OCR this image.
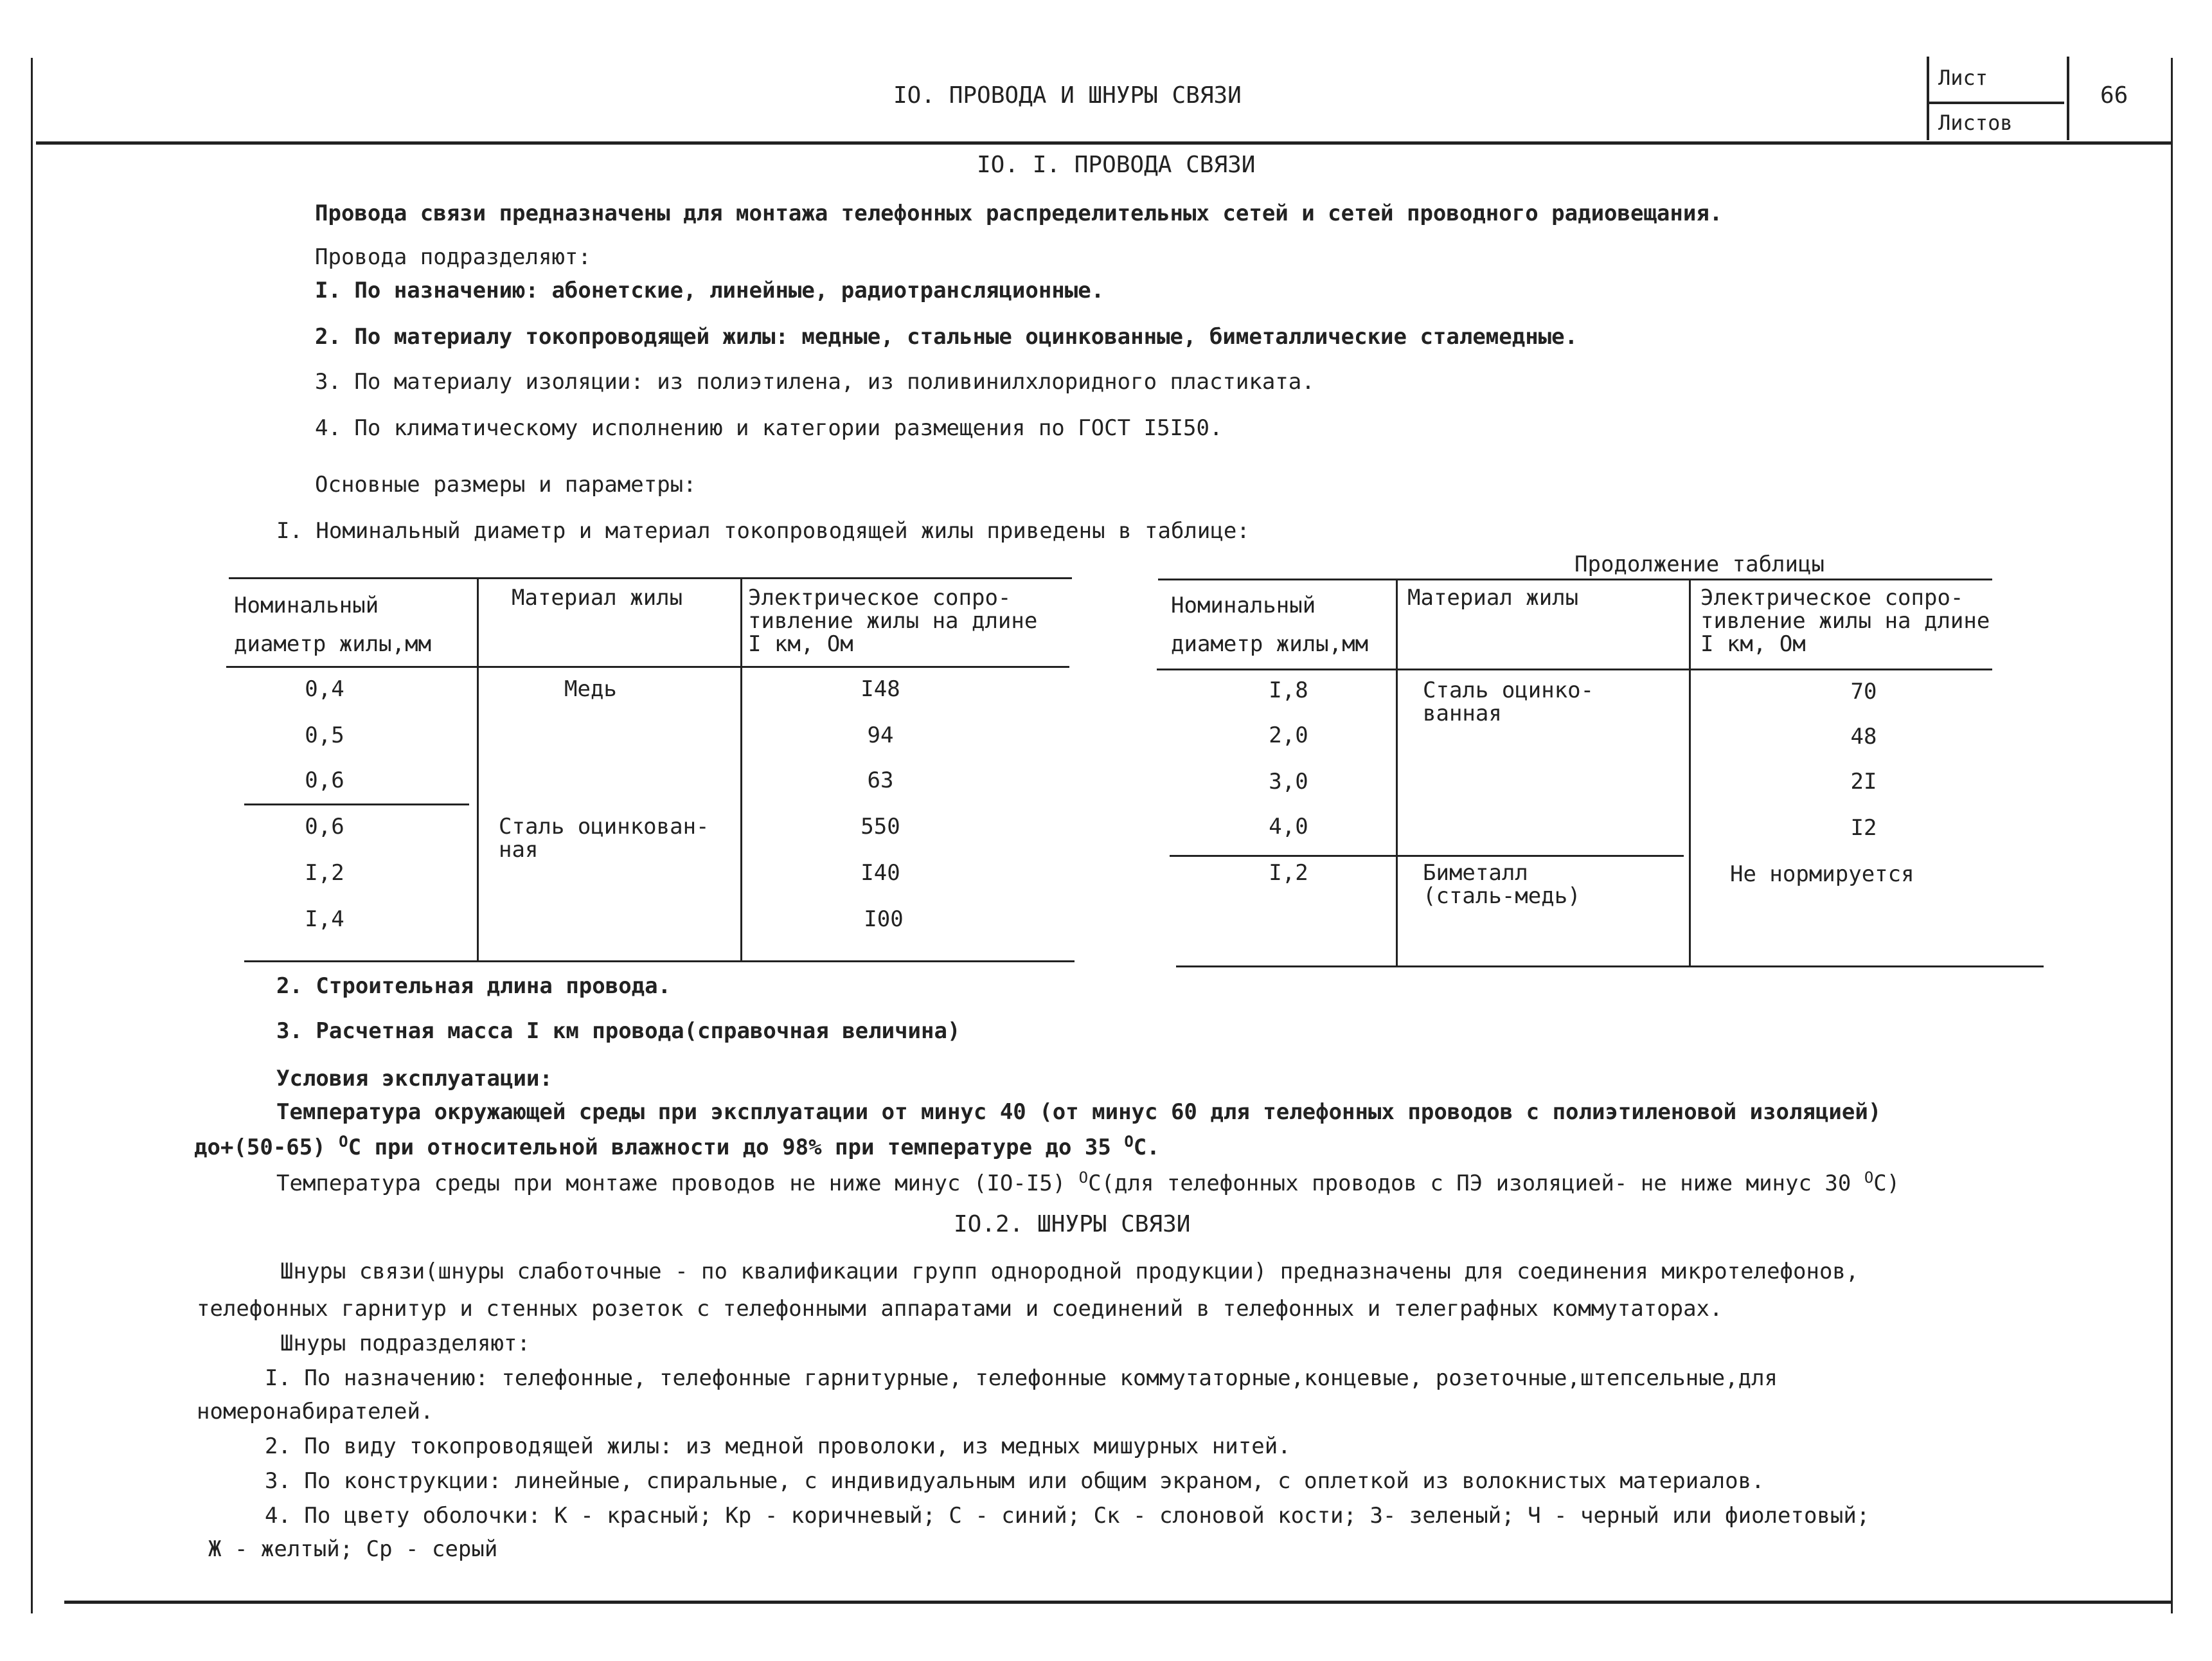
IO. ПРОВОДА И ШНУРЫ СВЯЗИ
Лист
Листов
66
IO. I. ПРОВОДА СВЯЗИ
Провода связи предназначены для монтажа телефонных распределительных сетей и сетей проводного радиовещания.
Провода подразделяют:
I. По назначению: абонетские, линейные, радиотрансляционные.
2. По материалу токопроводящей жилы: медные, стальные оцинкованные, биметаллические сталемедные.
3. По материалу изоляции: из полиэтилена, из поливинилхлоридного пластиката.
4. По климатическому исполнению и категории размещения по ГОСТ I5I50.
Основные размеры и параметры:
I. Номинальный диаметр и материал токопроводящей жилы приведены в таблице:
Продолжение таблицы
Номинальный
диаметр жилы,мм
Материал жилы	Электрическое сопро-
тивление жилы на длине
I км, Ом
0,4
0,5
0,6
0,6
I,2
I,4
Медь
Сталь оцинкован-
ная
I48
94
63
550
I40
I00
Номинальный
диаметр жилы,мм
Материал жилы	Электрическое сопро-
тивление жилы на длине
I км, Ом
I,8
2,0
3,0
4,0
I,2
Сталь оцинко-
ванная
Биметалл
(сталь-медь)
70
48
2I
I2
Не нормируется
2. Строительная длина провода.
3. Расчетная масса I км провода(справочная величина)
Условия эксплуатации:
Температура окружающей среды при эксплуатации от минус 40 (от минус 60 для телефонных проводов с полиэтиленовой изоляцией)
до+(50-65) $^O$С при относительной влажности до 98% при температуре до 35 $^O$С.
Температура среды при монтаже проводов не ниже минус (IO-I5) $^O$С(для телефонных проводов с ПЭ изоляцией- не ниже минус 30 $^O$С)
IO.2. ШНУРЫ СВЯЗИ
Шнуры связи(шнуры слаботочные - по квалификации групп однородной продукции) предназначены для соединения микротелефонов,
телефонных гарнитур и стенных розеток с телефонными аппаратами и соединений в телефонных и телеграфных коммутаторах.
Шнуры подразделяют:
I. По назначению: телефонные, телефонные гарнитурные, телефонные коммутаторные,концевые, розеточные,штепсельные,для
номеронабирателей.
2. По виду токопроводящей жилы: из медной проволоки, из медных мишурных нитей.
3. По конструкции: линейные, спиральные, с индивидуальным или общим экраном, с оплеткой из волокнистых материалов.
4. По цвету оболочки: К - красный; Кр - коричневый; С - синий; Ск - слоновой кости; З- зеленый; Ч - черный или фиолетовый;
Ж - желтый; Ср - серый
